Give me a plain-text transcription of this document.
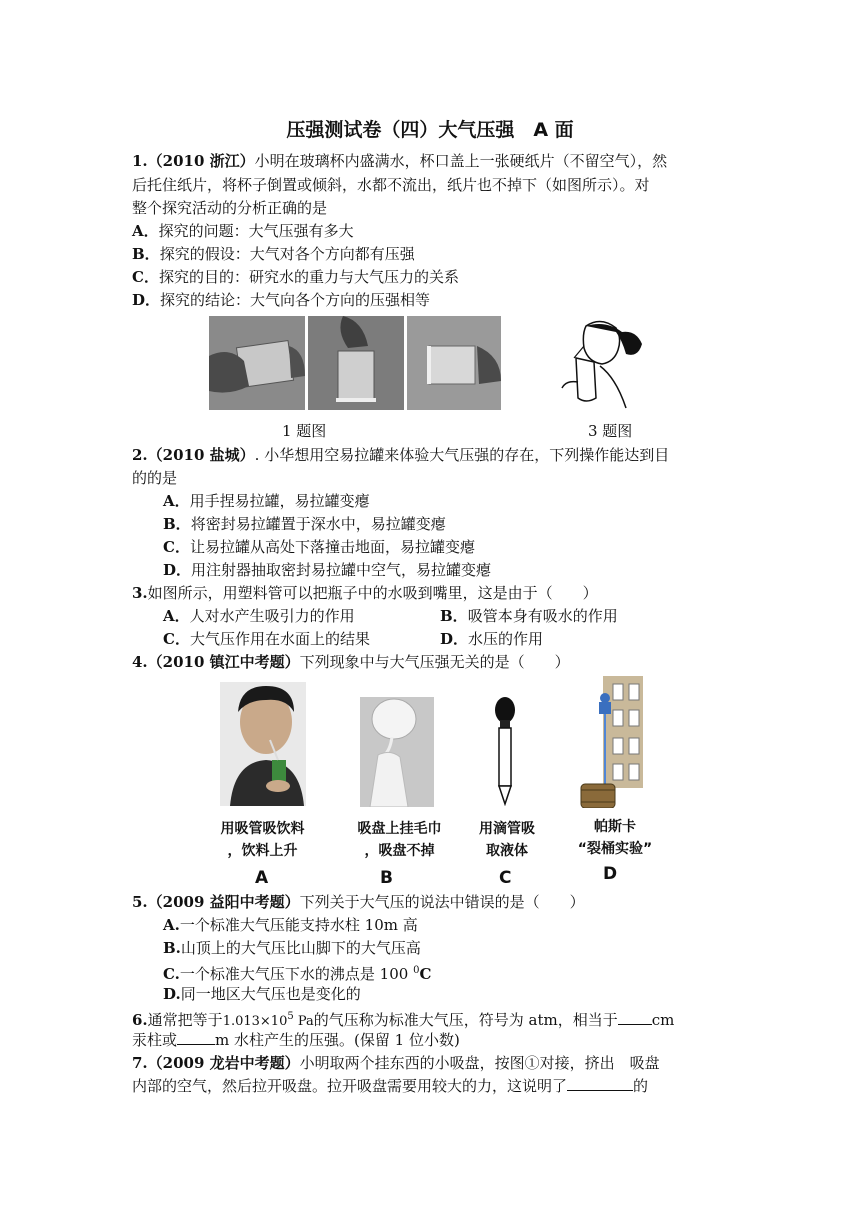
压强测试卷（四）大气压强　A 面
1.（2010 浙江）小明在玻璃杯内盛满水，杯口盖上一张硬纸片（不留空气），然
后托住纸片，将杯子倒置或倾斜，水都不流出，纸片也不掉下（如图所示）。对
整个探究活动的分析正确的是
A．探究的问题：大气压强有多大
B．探究的假设：大气对各个方向都有压强
C．探究的目的：研究水的重力与大气压力的关系
D．探究的结论：大气向各个方向的压强相等
1 题图	3 题图
2.（2010 盐城）. 小华想用空易拉罐来体验大气压强的存在，下列操作能达到目
的的是
A．用手捏易拉罐，易拉罐变瘪
B．将密封易拉罐置于深水中，易拉罐变瘪
C．让易拉罐从高处下落撞击地面，易拉罐变瘪
D．用注射器抽取密封易拉罐中空气，易拉罐变瘪
3.如图所示，用塑料管可以把瓶子中的水吸到嘴里，这是由于（　　）
A．人对水产生吸引力的作用	B．吸管本身有吸水的作用
C．大气压作用在水面上的结果	D．水压的作用
4.（2010 镇江中考题）下列现象中与大气压强无关的是（　　）
用吸管吸饮料
，饮料上升
吸盘上挂毛巾
，吸盘不掉
用滴管吸
取液体
帕斯卡
“裂桶实验”
A	B	C	D
5.（2009 益阳中考题）下列关于大气压的说法中错误的是（　　）
A.一个标准大气压能支持水柱 10m 高
B.山顶上的大气压比山脚下的大气压高
C.一个标准大气压下水的沸点是 100 $^0$C
D.同一地区大气压也是变化的
6.通常把等于$1.013\times 10^5$ Pa的气压称为标准大气压，符号为 atm，相当于 cm
汞柱或	m 水柱产生的压强。(保留 1 位小数)
7.（2009 龙岩中考题）小明取两个挂东西的小吸盘，按图①对接，挤出　吸盘
内部的空气，然后拉开吸盘。拉开吸盘需要用较大的力，这说明了	的
